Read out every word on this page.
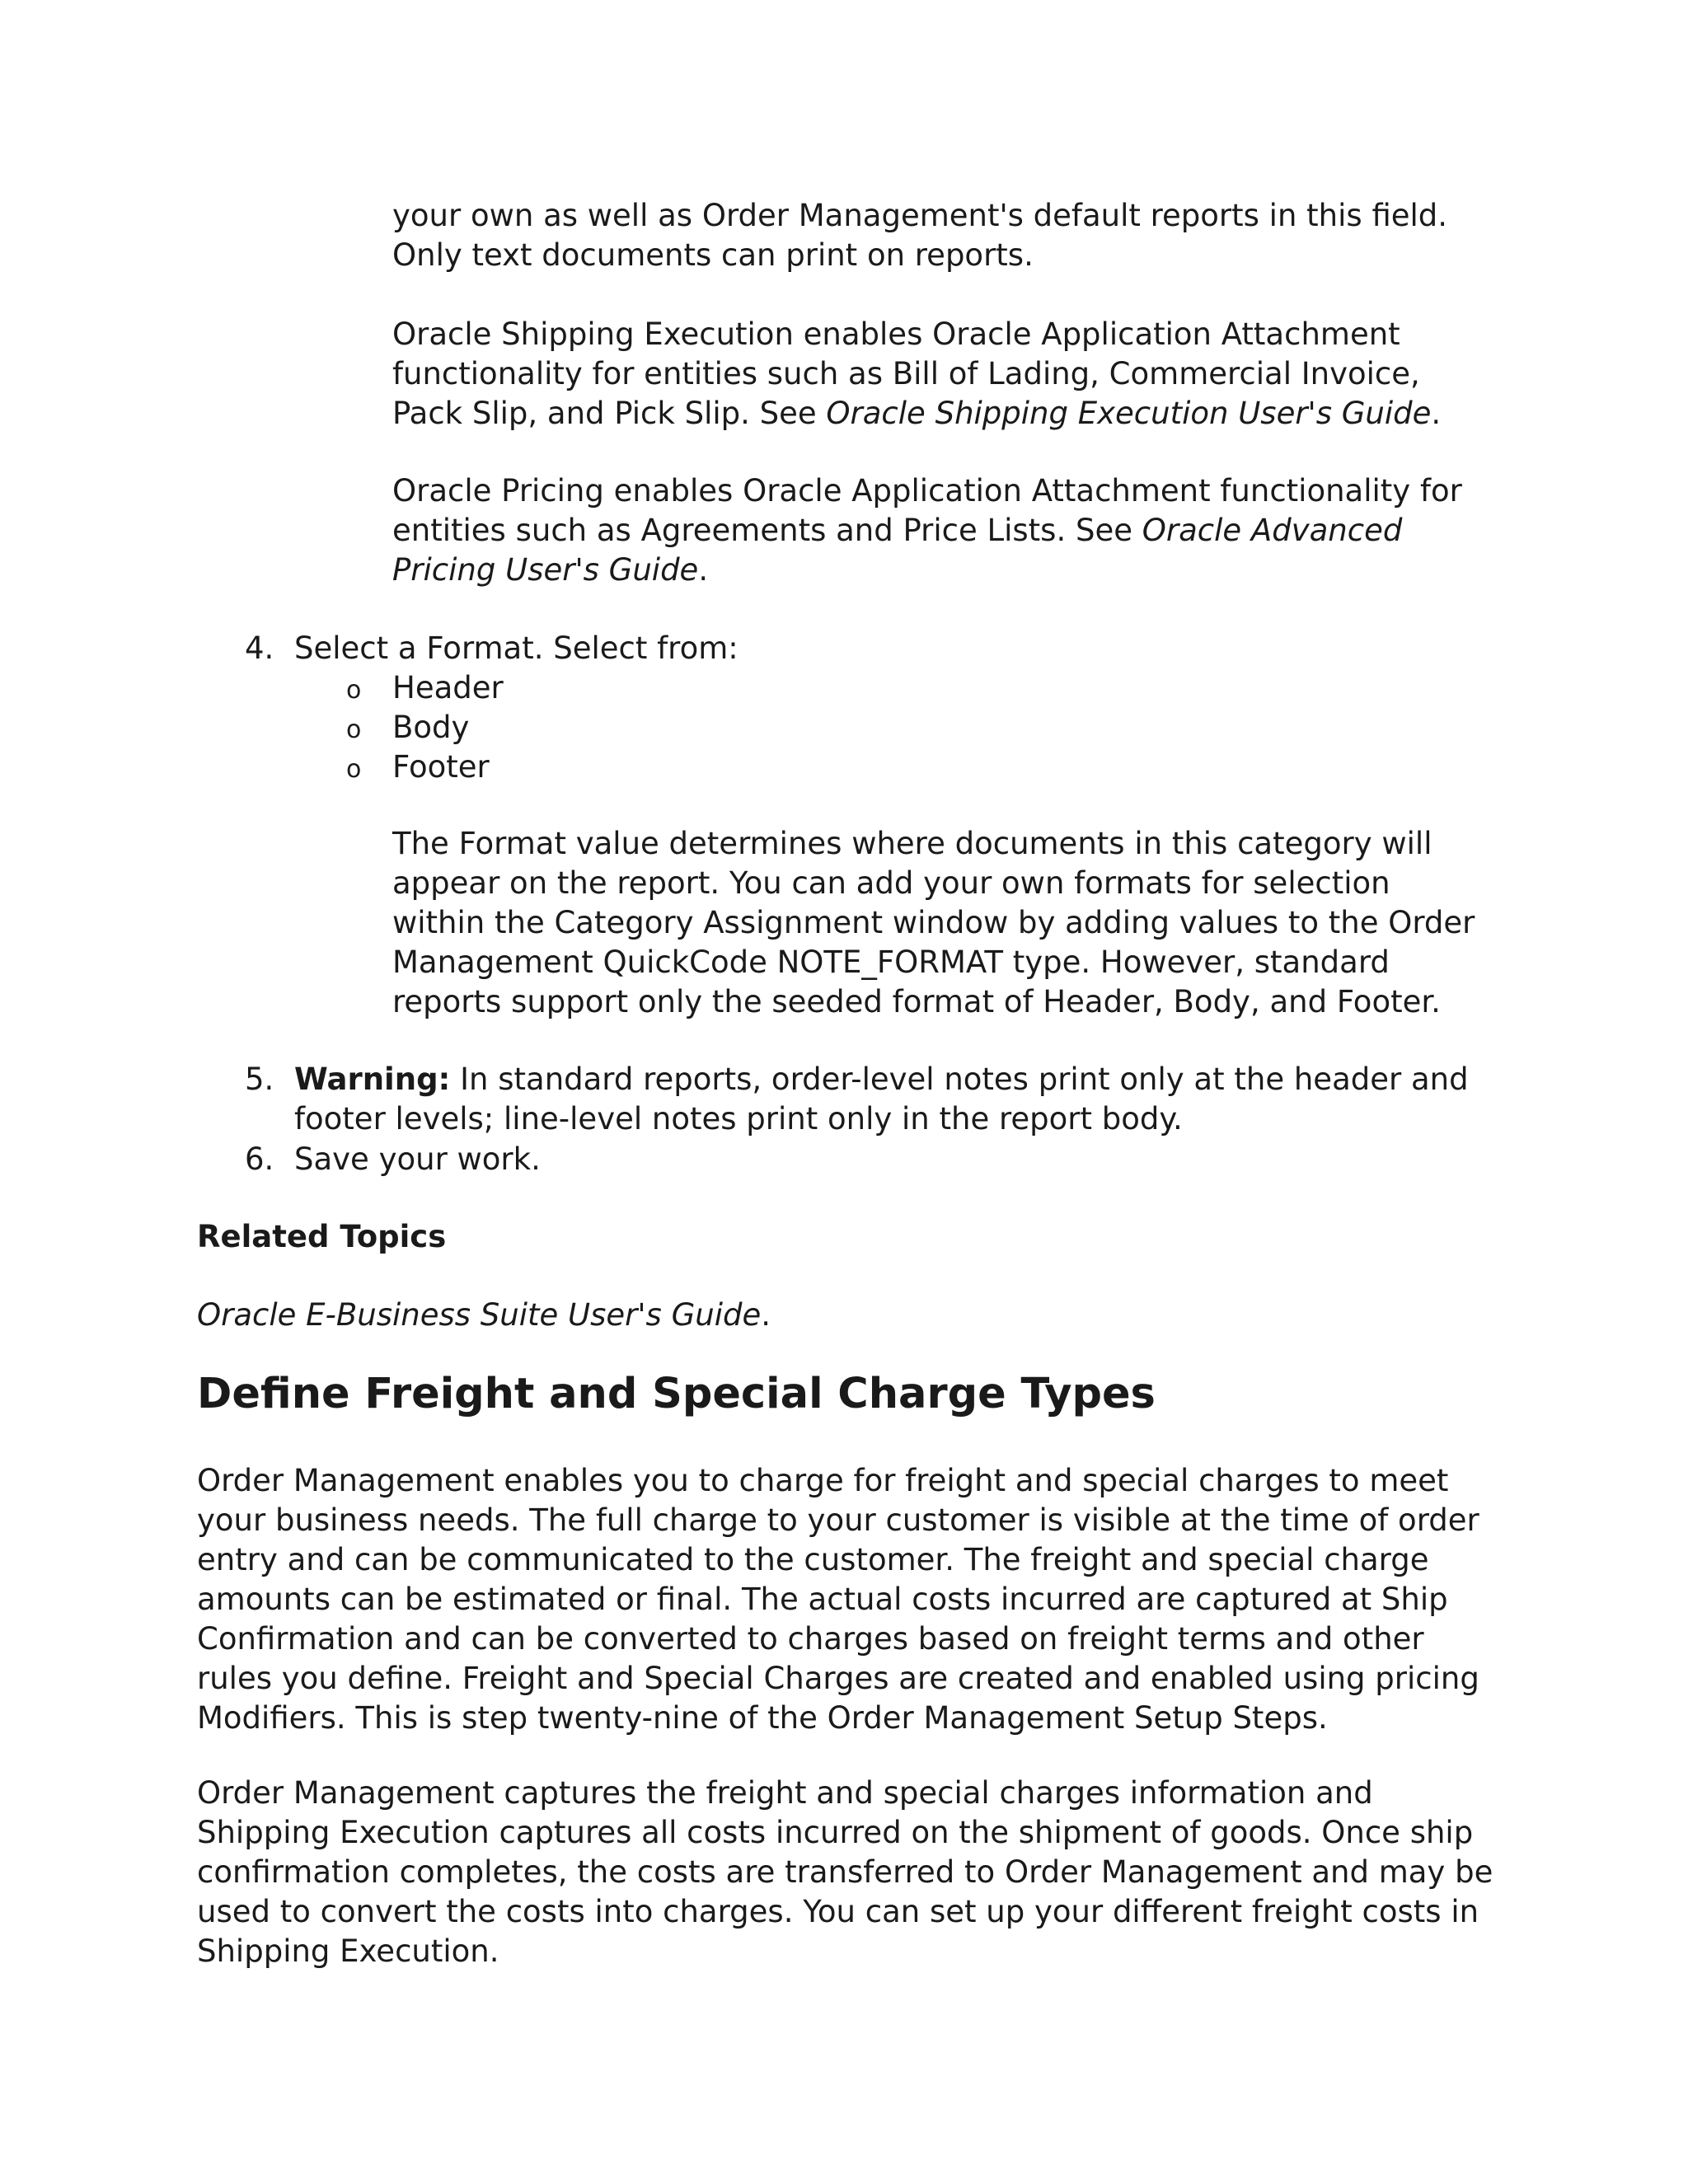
your own as well as Order Management's default reports in this field. Only text documents can print on reports.

Oracle Shipping Execution enables Oracle Application Attachment functionality for entities such as Bill of Lading, Commercial Invoice, Pack Slip, and Pick Slip. See Oracle Shipping Execution User's Guide.

Oracle Pricing enables Oracle Application Attachment functionality for entities such as Agreements and Price Lists. See Oracle Advanced Pricing User's Guide.

4. Select a Format. Select from:
o Header
o Body
o Footer

The Format value determines where documents in this category will appear on the report. You can add your own formats for selection within the Category Assignment window by adding values to the Order Management QuickCode NOTE_FORMAT type. However, standard reports support only the seeded format of Header, Body, and Footer.

5. Warning: In standard reports, order-level notes print only at the header and footer levels; line-level notes print only in the report body.

6. Save your work.
Related Topics

Oracle E-Business Suite User's Guide.

Define Freight and Special Charge Types

Order Management enables you to charge for freight and special charges to meet your business needs. The full charge to your customer is visible at the time of order entry and can be communicated to the customer. The freight and special charge amounts can be estimated or final. The actual costs incurred are captured at Ship Confirmation and can be converted to charges based on freight terms and other rules you define. Freight and Special Charges are created and enabled using pricing Modifiers. This is step twenty-nine of the Order Management Setup Steps.

Order Management captures the freight and special charges information and Shipping Execution captures all costs incurred on the shipment of goods. Once ship confirmation completes, the costs are transferred to Order Management and may be used to convert the costs into charges. You can set up your different freight costs in Shipping Execution.
